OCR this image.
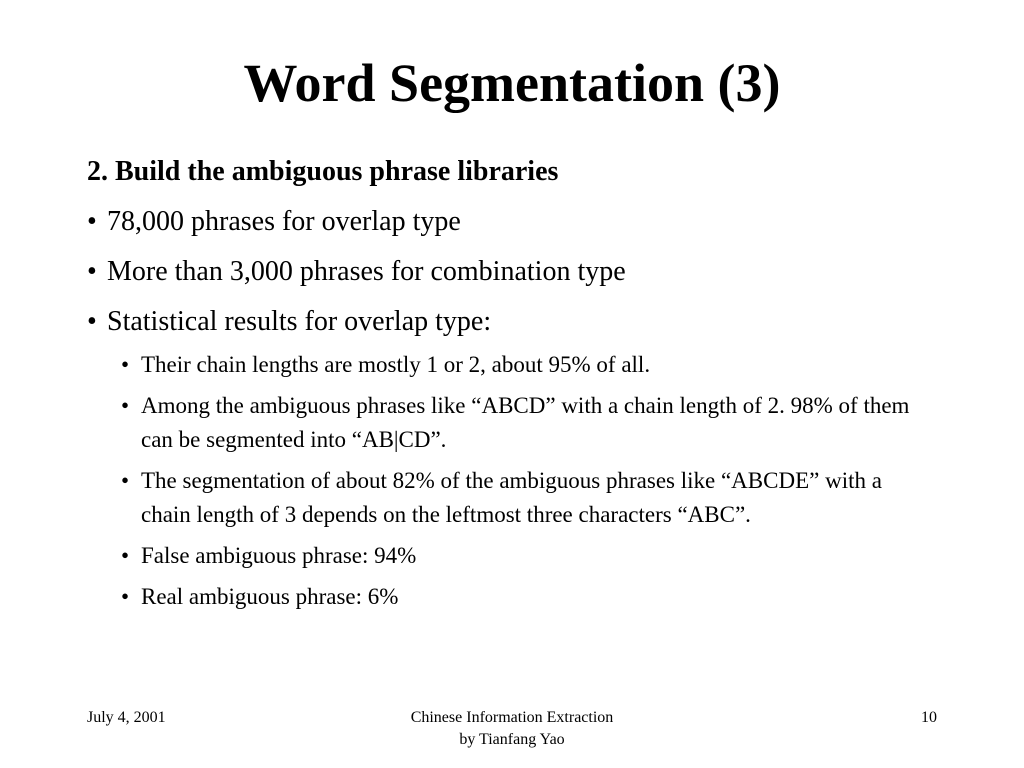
Word Segmentation (3)
2. Build the ambiguous phrase libraries
• 78,000 phrases for overlap type
• More than 3,000 phrases for combination type
• Statistical results for overlap type:
• Their chain lengths are mostly 1 or 2, about 95% of all.
• Among the ambiguous phrases like “ABCD” with a chain length of 2. 98% of them can be segmented into “AB|CD”.
• The segmentation of about 82% of the ambiguous phrases like “ABCDE” with a chain length of 3 depends on the leftmost three characters “ABC”.
• False ambiguous phrase: 94%
• Real ambiguous phrase: 6%
July 4, 2001	Chinese Information Extraction
by Tianfang Yao
10
